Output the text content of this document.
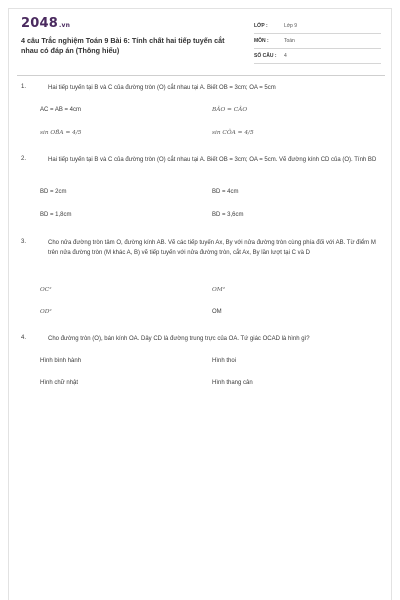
2048.vn
4 câu Trắc nghiệm Toán 9 Bài 6: Tính chất hai tiếp tuyến cắt nhau có đáp án (Thông hiểu)
LỚP :	Lớp 9
MÔN :	Toán
SỐ CÂU : 4
1.	Hai tiếp tuyến tại B và C của đường tròn (O) cắt nhau tại A. Biết OB = 3cm; OA = 5cm
AC = AB = 4cm	BÂO = CÂO
sin OB̂A = 4/5	sin CÔA = 4/5
2.	Hai tiếp tuyến tại B và C của đường tròn (O) cắt nhau tại A. Biết OB = 3cm; OA = 5cm. Vẽ đường kính CD của (O). Tính BD
BD = 2cm	BD = 4cm
BD = 1,8cm	BD = 3,6cm
3.	Cho nửa đường tròn tâm O, đường kính AB. Vẽ các tiếp tuyến Ax, By với nửa đường tròn cùng phía đối với AB. Từ điểm M trên nửa đường tròn (M khác A, B) vẽ tiếp tuyến với nửa đường tròn, cắt Ax, By lần lượt tại C và D
OC²	OM²
OD²	OM
4.	Cho đường tròn (O), bán kính OA. Dây CD là đường trung trực của OA. Tứ giác OCAD là hình gì?
Hình bình hành	Hình thoi
Hình chữ nhật	Hình thang cân
